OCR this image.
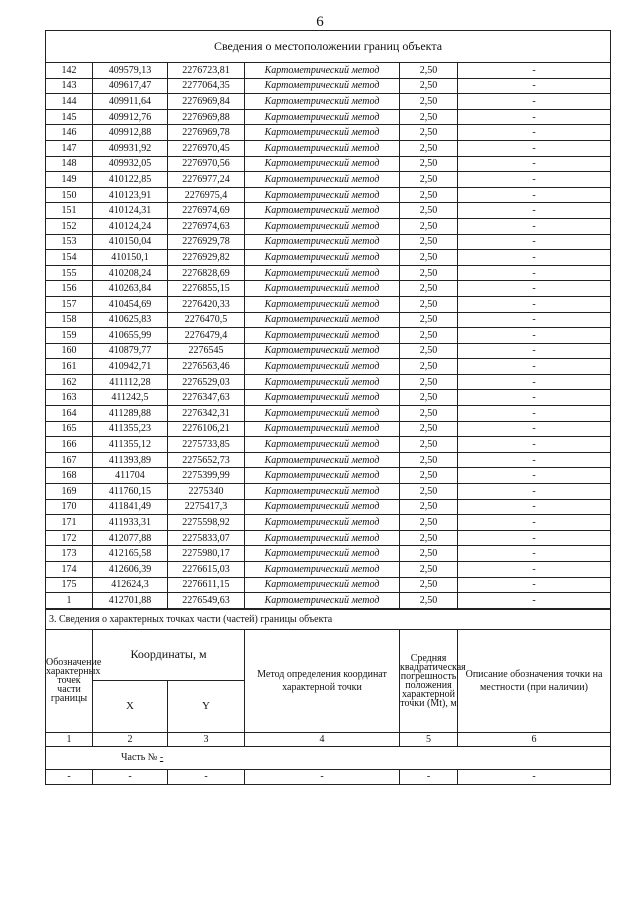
6
Сведения о местоположении границ объекта					
142	409579,13	2276723,81	Картометрический метод	2,50	-
143	409617,47	2277064,35	Картометрический метод	2,50	-
144	409911,64	2276969,84	Картометрический метод	2,50	-
145	409912,76	2276969,88	Картометрический метод	2,50	-
146	409912,88	2276969,78	Картометрический метод	2,50	-
147	409931,92	2276970,45	Картометрический метод	2,50	-
148	409932,05	2276970,56	Картометрический метод	2,50	-
149	410122,85	2276977,24	Картометрический метод	2,50	-
150	410123,91	2276975,4	Картометрический метод	2,50	-
151	410124,31	2276974,69	Картометрический метод	2,50	-
152	410124,24	2276974,63	Картометрический метод	2,50	-
153	410150,04	2276929,78	Картометрический метод	2,50	-
154	410150,1	2276929,82	Картометрический метод	2,50	-
155	410208,24	2276828,69	Картометрический метод	2,50	-
156	410263,84	2276855,15	Картометрический метод	2,50	-
157	410454,69	2276420,33	Картометрический метод	2,50	-
158	410625,83	2276470,5	Картометрический метод	2,50	-
159	410655,99	2276479,4	Картометрический метод	2,50	-
160	410879,77	2276545	Картометрический метод	2,50	-
161	410942,71	2276563,46	Картометрический метод	2,50	-
162	411112,28	2276529,03	Картометрический метод	2,50	-
163	411242,5	2276347,63	Картометрический метод	2,50	-
164	411289,88	2276342,31	Картометрический метод	2,50	-
165	411355,23	2276106,21	Картометрический метод	2,50	-
166	411355,12	2275733,85	Картометрический метод	2,50	-
167	411393,89	2275652,73	Картометрический метод	2,50	-
168	411704	2275399,99	Картометрический метод	2,50	-
169	411760,15	2275340	Картометрический метод	2,50	-
170	411841,49	2275417,3	Картометрический метод	2,50	-
171	411933,31	2275598,92	Картометрический метод	2,50	-
172	412077,88	2275833,07	Картометрический метод	2,50	-
173	412165,58	2275980,17	Картометрический метод	2,50	-
174	412606,39	2276615,03	Картометрический метод	2,50	-
175	412624,3	2276611,15	Картометрический метод	2,50	-
1	412701,88	2276549,63	Картометрический метод	2,50	-
3. Сведения о характерных точках части (частей) границы объекта					
Обозначение характерных точек части границы	Координаты, м		Метод определения координат характерной точки	Средняя квадратическая погрешность положения характерной точки (Mt), м	Описание обозначения точки на местности (при наличии)
	X	Y			
1	2	3	4	5	6
Часть № -					
-	-	-	-	-	-
